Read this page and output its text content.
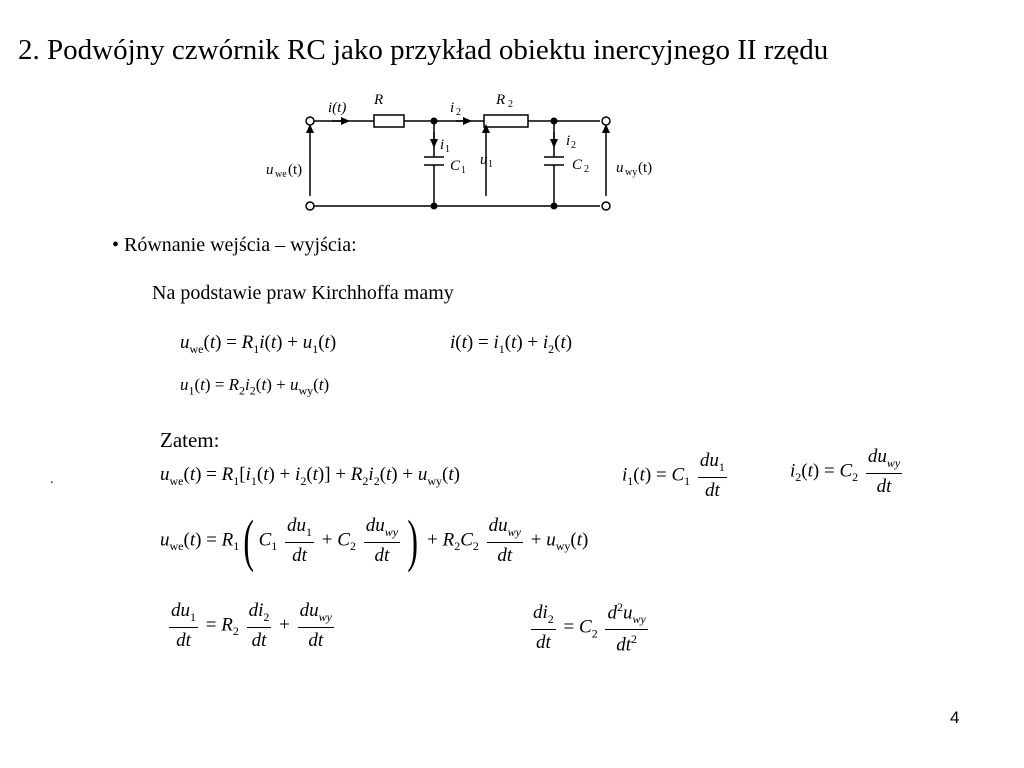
2. Podwójny czwórnik RC jako przykład obiektu inercyjnego II rzędu
i(t) R	i 2
R 2
i 1
C 1
u 1
i 2
C 2
u we (t)	u wy (t)
• Równanie wejścia – wyjścia:
Na podstawie praw Kirchhoffa mamy
$u_{we}(t) = R_1i(t) + u_1(t)$	$i(t) = i_1(t) + i_2(t)$
$u_1(t) = R_2i_2(t) + u_{wy}(t)$
Zatem:
.	$u_{we}(t) = R_1[i_1(t) + i_2(t)] + R_2i_2(t) + u_{wy}(t)$	$i_1(t) = C_1 \frac{du_1}{dt}$	$i_2(t) = C_2 \frac{du_{wy}}{dt}$
$u_{we}(t) = R_1$( $C_1 \frac{du_1}{dt} + C_2 \frac{du_{wy}}{dt}$ ) + $R_2C_2 \frac{du_{wy}}{dt} + u_{wy}(t)$
$\frac{du_1}{dt} = R_2 \frac{di_2}{dt} + \frac{du_{wy}}{dt}$	$\frac{di_2}{dt} = C_2 \frac{d^2u_{wy}}{dt^2}$
4
